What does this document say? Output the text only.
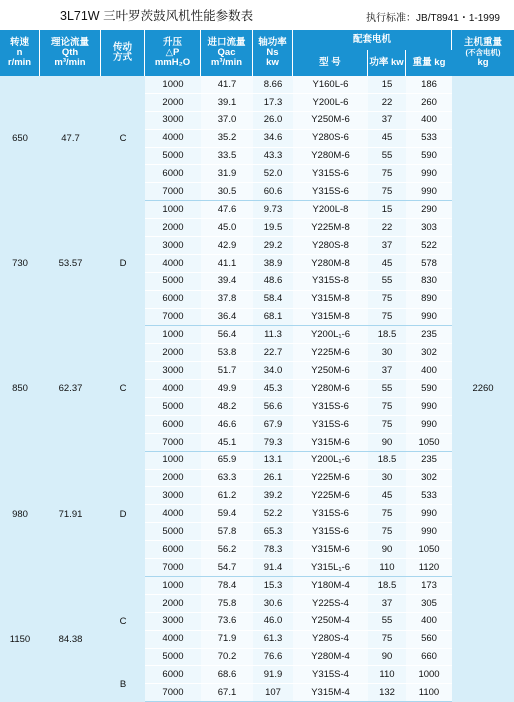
3L71W 三叶罗茨鼓风机性能参数表	执行标准：JB/T8941・1-1999
转速
n
r/min	理论流量
Qth
m³/min	传动
方式	升压
△P
mmH₂O	进口流量
Qac
m³/min	轴功率
Ns
kw	配套电机			主机重量
(不含电机)
kg

						型 号	功率 kw	重量 kg	
650	47.7	C	1000	41.7	8.66	Y160L-6	15	186	2260
			2000	39.1	17.3	Y200L-6	22	260	
			3000	37.0	26.0	Y250M-6	37	400	
			4000	35.2	34.6	Y280S-6	45	533	
			5000	33.5	43.3	Y280M-6	55	590	
			6000	31.9	52.0	Y315S-6	75	990	
			7000	30.5	60.6	Y315S-6	75	990	
730	53.57	D	1000	47.6	9.73	Y200L-8	15	290	
			2000	45.0	19.5	Y225M-8	22	303	
			3000	42.9	29.2	Y280S-8	37	522	
			4000	41.1	38.9	Y280M-8	45	578	
			5000	39.4	48.6	Y315S-8	55	830	
			6000	37.8	58.4	Y315M-8	75	890	
			7000	36.4	68.1	Y315M-8	75	990	
850	62.37	C	1000	56.4	11.3	Y200L₁-6	18.5	235	
			2000	53.8	22.7	Y225M-6	30	302	
			3000	51.7	34.0	Y250M-6	37	400	
			4000	49.9	45.3	Y280M-6	55	590	
			5000	48.2	56.6	Y315S-6	75	990	
			6000	46.6	67.9	Y315S-6	75	990	
			7000	45.1	79.3	Y315M-6	90	1050	
980	71.91	D	1000	65.9	13.1	Y200L₁-6	18.5	235	
			2000	63.3	26.1	Y225M-6	30	302	
			3000	61.2	39.2	Y225M-6	45	533	
			4000	59.4	52.2	Y315S-6	75	990	
			5000	57.8	65.3	Y315S-6	75	990	
			6000	56.2	78.3	Y315M-6	90	1050	
			7000	54.7	91.4	Y315L₁-6	110	1120	
1150	84.38	C	1000	78.4	15.3	Y180M-4	18.5	173	
			2000	75.8	30.6	Y225S-4	37	305	
			3000	73.6	46.0	Y250M-4	55	400	
			4000	71.9	61.3	Y280S-4	75	560	
			5000	70.2	76.6	Y280M-4	90	660	
		B	6000	68.6	91.9	Y315S-4	110	1000	
			7000	67.1	107	Y315M-4	132	1100	
